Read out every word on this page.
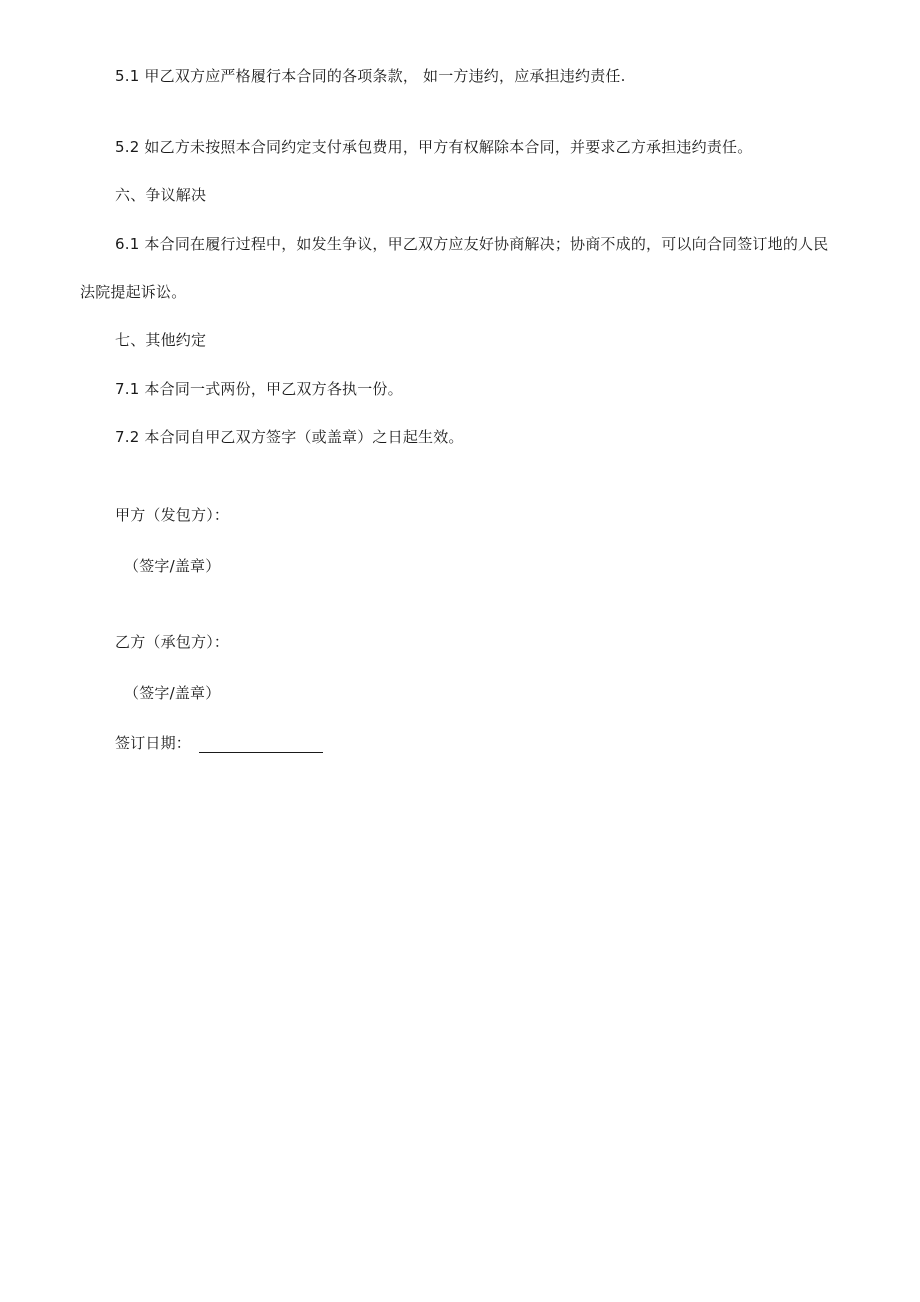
5.1 甲乙双方应严格履行本合同的各项条款， 如一方违约，应承担违约责任.
5.2 如乙方未按照本合同约定支付承包费用，甲方有权解除本合同，并要求乙方承担违约责任。
六、争议解决
6.1 本合同在履行过程中，如发生争议，甲乙双方应友好协商解决；协商不成的，可以向合同签订地的人民
法院提起诉讼。
七、其他约定
7.1 本合同一式两份，甲乙双方各执一份。
7.2 本合同自甲乙双方签字（或盖章）之日起生效。
甲方（发包方）：
（签字/盖章）
乙方（承包方）：
（签字/盖章）
签订日期：
